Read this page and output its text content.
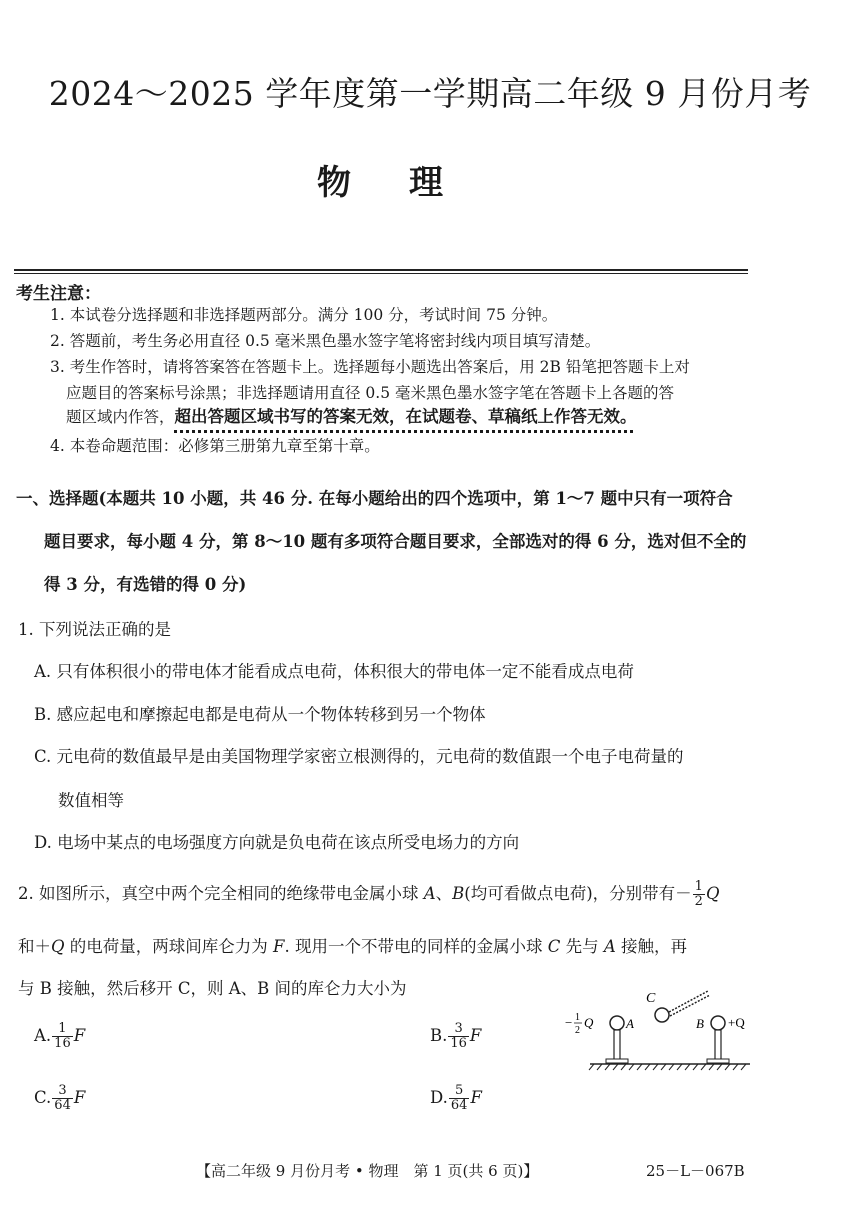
2024～2025 学年度第一学期高二年级 9 月份月考
物理
考生注意：
1. 本试卷分选择题和非选择题两部分。满分 100 分，考试时间 75 分钟。
2. 答题前，考生务必用直径 0.5 毫米黑色墨水签字笔将密封线内项目填写清楚。
3. 考生作答时，请将答案答在答题卡上。选择题每小题选出答案后，用 2B 铅笔把答题卡上对
应题目的答案标号涂黑；非选择题请用直径 0.5 毫米黑色墨水签字笔在答题卡上各题的答
题区域内作答，超出答题区域书写的答案无效，在试题卷、草稿纸上作答无效。
4. 本卷命题范围：必修第三册第九章至第十章。
一、选择题(本题共 10 小题，共 46 分. 在每小题给出的四个选项中，第 1～7 题中只有一项符合
题目要求，每小题 4 分，第 8～10 题有多项符合题目要求，全部选对的得 6 分，选对但不全的
得 3 分，有选错的得 0 分)
1. 下列说法正确的是
A. 只有体积很小的带电体才能看成点电荷，体积很大的带电体一定不能看成点电荷
B. 感应起电和摩擦起电都是电荷从一个物体转移到另一个物体
C. 元电荷的数值最早是由美国物理学家密立根测得的，元电荷的数值跟一个电子电荷量的
数值相等
D. 电场中某点的电场强度方向就是负电荷在该点所受电场力的方向
2. 如图所示，真空中两个完全相同的绝缘带电金属小球 A、B(均可看做点电荷)，分别带有－ $\frac{1}{2}$ Q
和＋Q 的电荷量，两球间库仑力为 F. 现用一个不带电的同样的金属小球 C 先与 A 接触，再
与 B 接触，然后移开 C，则 A、B 间的库仑力大小为
A. $\frac{1}{16}$ F	B. $\frac{3}{16}$ F
C. $\frac{3}{64}$ F	D. $\frac{5}{64}$ F
C
A
− 1
2
Q	B +Q
【高二年级 9 月份月考 • 物理　第 1 页(共 6 页)】	25－L－067B
